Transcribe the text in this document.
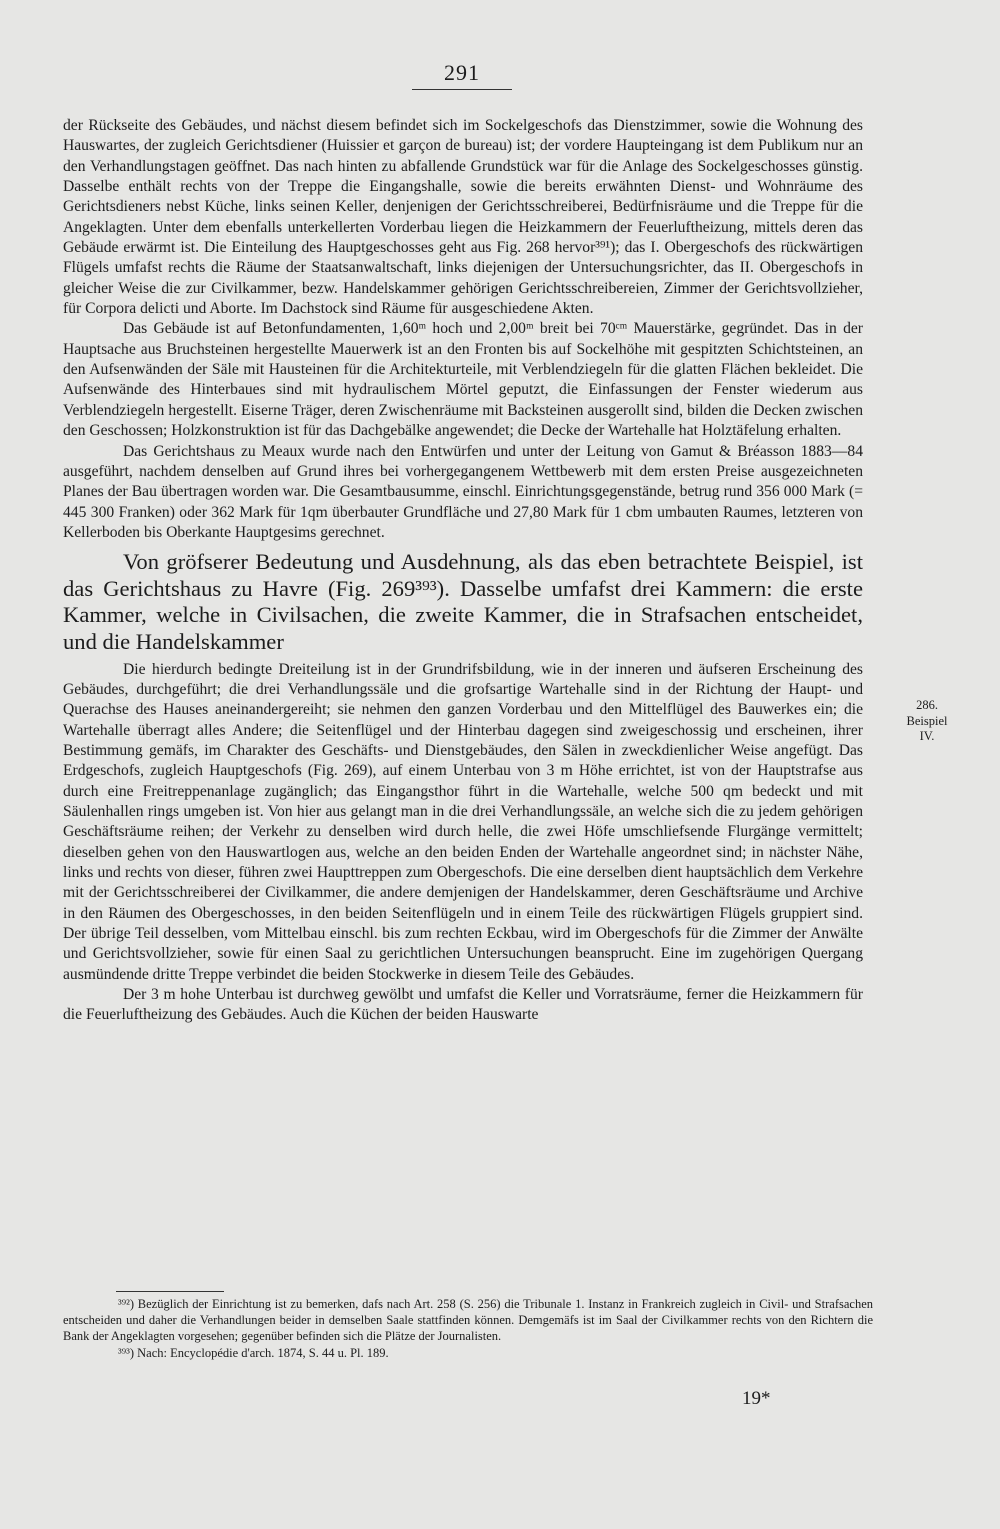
291

der Rückseite des Gebäudes, und nächst diesem befindet sich im Sockelgeschofs das Dienstzimmer, sowie die Wohnung des Hauswartes, der zugleich Gerichtsdiener (Huissier et garçon de bureau) ist; der vordere Haupteingang ist dem Publikum nur an den Verhandlungstagen geöffnet. Das nach hinten zu abfallende Grundstück war für die Anlage des Sockelgeschosses günstig. Dasselbe enthält rechts von der Treppe die Eingangshalle, sowie die bereits erwähnten Dienst- und Wohnräume des Gerichtsdieners nebst Küche, links seinen Keller, denjenigen der Gerichtsschreiberei, Bedürfnisräume und die Treppe für die Angeklagten. Unter dem ebenfalls unterkellerten Vorderbau liegen die Heizkammern der Feuerluftheizung, mittels deren das Gebäude erwärmt ist. Die Einteilung des Hauptgeschosses geht aus Fig. 268 hervor³⁹¹); das I. Obergeschofs des rückwärtigen Flügels umfafst rechts die Räume der Staatsanwaltschaft, links diejenigen der Untersuchungsrichter, das II. Obergeschofs in gleicher Weise die zur Civilkammer, bezw. Handelskammer gehörigen Gerichtsschreibereien, Zimmer der Gerichtsvollzieher, für Corpora delicti und Aborte. Im Dachstock sind Räume für ausgeschiedene Akten.

Das Gebäude ist auf Betonfundamenten, 1,60ᵐ hoch und 2,00ᵐ breit bei 70ᶜᵐ Mauerstärke, gegründet. Das in der Hauptsache aus Bruchsteinen hergestellte Mauerwerk ist an den Fronten bis auf Sockelhöhe mit gespitzten Schichtsteinen, an den Aufsenwänden der Säle mit Hausteinen für die Architekturteile, mit Verblendziegeln für die glatten Flächen bekleidet. Die Aufsenwände des Hinterbaues sind mit hydraulischem Mörtel geputzt, die Einfassungen der Fenster wiederum aus Verblendziegeln hergestellt. Eiserne Träger, deren Zwischenräume mit Backsteinen ausgerollt sind, bilden die Decken zwischen den Geschossen; Holzkonstruktion ist für das Dachgebälke angewendet; die Decke der Wartehalle hat Holztäfelung erhalten.

Das Gerichtshaus zu Meaux wurde nach den Entwürfen und unter der Leitung von Gamut & Bréasson 1883—84 ausgeführt, nachdem denselben auf Grund ihres bei vorhergegangenem Wettbewerb mit dem ersten Preise ausgezeichneten Planes der Bau übertragen worden war. Die Gesamtbausumme, einschl. Einrichtungsgegenstände, betrug rund 356 000 Mark (= 445 300 Franken) oder 362 Mark für 1qm überbauter Grundfläche und 27,80 Mark für 1 cbm umbauten Raumes, letzteren von Kellerboden bis Oberkante Hauptgesims gerechnet.

Von gröfserer Bedeutung und Ausdehnung, als das eben betrachtete Beispiel, ist das Gerichtshaus zu Havre (Fig. 269³⁹³). Dasselbe umfafst drei Kammern: die erste Kammer, welche in Civilsachen, die zweite Kammer, die in Strafsachen entscheidet, und die Handelskammer

Die hierdurch bedingte Dreiteilung ist in der Grundrifsbildung, wie in der inneren und äufseren Erscheinung des Gebäudes, durchgeführt; die drei Verhandlungssäle und die grofsartige Wartehalle sind in der Richtung der Haupt- und Querachse des Hauses aneinandergereiht; sie nehmen den ganzen Vorderbau und den Mittelflügel des Bauwerkes ein; die Wartehalle überragt alles Andere; die Seitenflügel und der Hinterbau dagegen sind zweigeschossig und erscheinen, ihrer Bestimmung gemäfs, im Charakter des Geschäfts- und Dienstgebäudes, den Sälen in zweckdienlicher Weise angefügt. Das Erdgeschofs, zugleich Hauptgeschofs (Fig. 269), auf einem Unterbau von 3 m Höhe errichtet, ist von der Hauptstrafse aus durch eine Freitreppenanlage zugänglich; das Eingangsthor führt in die Wartehalle, welche 500 qm bedeckt und mit Säulenhallen rings umgeben ist. Von hier aus gelangt man in die drei Verhandlungssäle, an welche sich die zu jedem gehörigen Geschäftsräume reihen; der Verkehr zu denselben wird durch helle, die zwei Höfe umschliefsende Flurgänge vermittelt; dieselben gehen von den Hauswartlogen aus, welche an den beiden Enden der Wartehalle angeordnet sind; in nächster Nähe, links und rechts von dieser, führen zwei Haupttreppen zum Obergeschofs. Die eine derselben dient hauptsächlich dem Verkehre mit der Gerichtsschreiberei der Civilkammer, die andere demjenigen der Handelskammer, deren Geschäftsräume und Archive in den Räumen des Obergeschosses, in den beiden Seitenflügeln und in einem Teile des rückwärtigen Flügels gruppiert sind. Der übrige Teil desselben, vom Mittelbau einschl. bis zum rechten Eckbau, wird im Obergeschofs für die Zimmer der Anwälte und Gerichtsvollzieher, sowie für einen Saal zu gerichtlichen Untersuchungen beansprucht. Eine im zugehörigen Quergang ausmündende dritte Treppe verbindet die beiden Stockwerke in diesem Teile des Gebäudes.

Der 3 m hohe Unterbau ist durchweg gewölbt und umfafst die Keller und Vorratsräume, ferner die Heizkammern für die Feuerluftheizung des Gebäudes. Auch die Küchen der beiden Hauswarte

286.
Beispiel
IV.

³⁹²) Bezüglich der Einrichtung ist zu bemerken, dafs nach Art. 258 (S. 256) die Tribunale 1. Instanz in Frankreich zugleich in Civil- und Strafsachen entscheiden und daher die Verhandlungen beider in demselben Saale stattfinden können. Demgemäfs ist im Saal der Civilkammer rechts von den Richtern die Bank der Angeklagten vorgesehen; gegenüber befinden sich die Plätze der Journalisten.

³⁹³) Nach: Encyclopédie d'arch. 1874, S. 44 u. Pl. 189.

19*
